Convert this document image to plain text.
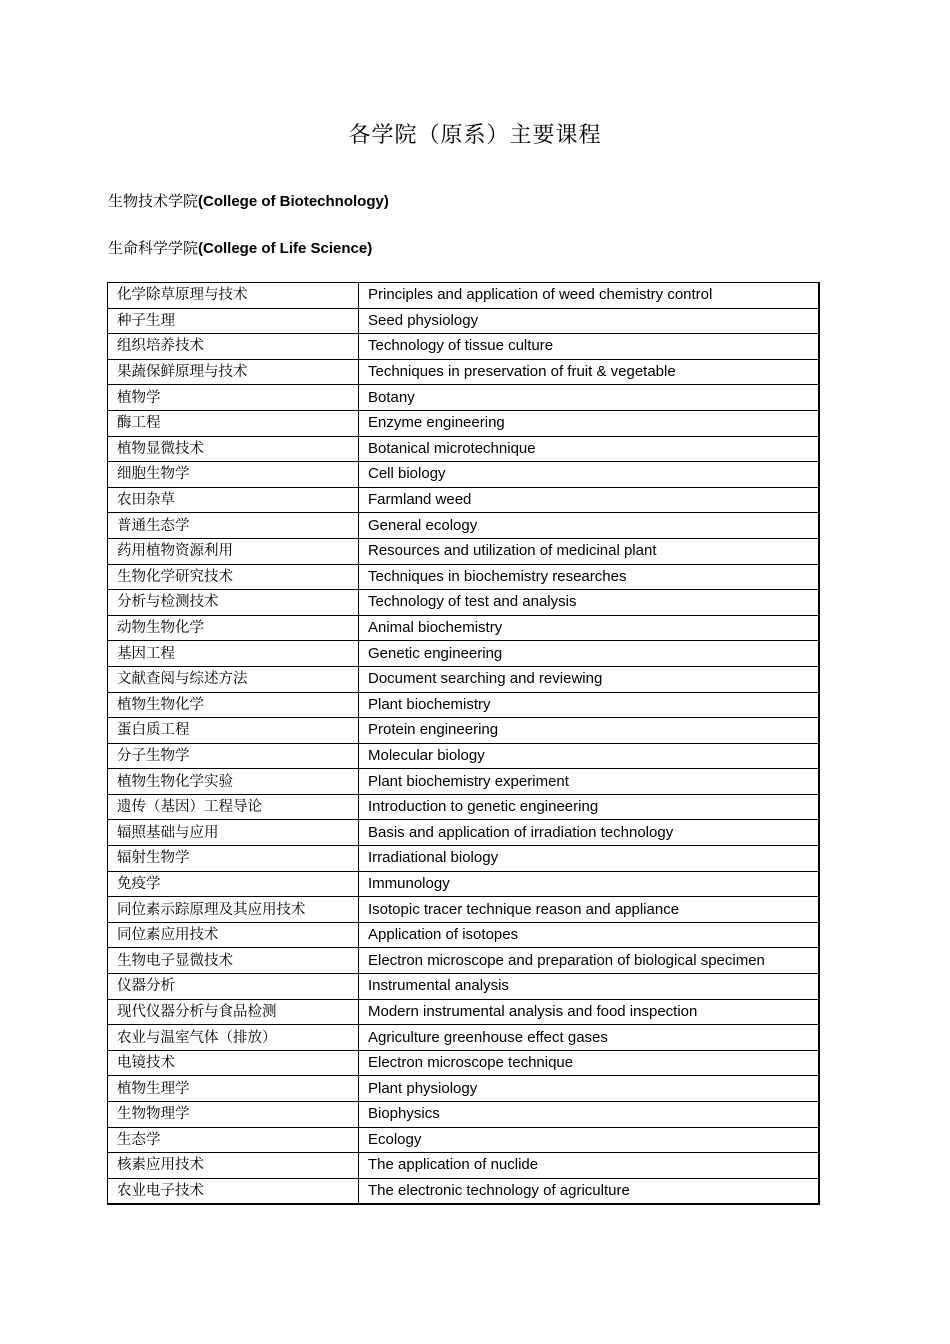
各学院（原系）主要课程
生物技术学院(College of Biotechnology)
生命科学学院(College of Life Science)
化学除草原理与技术	Principles and application of weed chemistry control
种子生理	Seed physiology
组织培养技术	Technology of tissue culture
果蔬保鲜原理与技术	Techniques in preservation of fruit & vegetable
植物学	Botany
酶工程	Enzyme engineering
植物显微技术	Botanical microtechnique
细胞生物学	Cell biology
农田杂草	Farmland weed
普通生态学	General ecology
药用植物资源利用	Resources and utilization of medicinal plant
生物化学研究技术	Techniques in biochemistry researches
分析与检测技术	Technology of test and analysis
动物生物化学	Animal biochemistry
基因工程	Genetic engineering
文献查阅与综述方法	Document searching and reviewing
植物生物化学	Plant biochemistry
蛋白质工程	Protein engineering
分子生物学	Molecular biology
植物生物化学实验	Plant biochemistry experiment
遗传（基因）工程导论	Introduction to genetic engineering
辐照基础与应用	Basis and application of irradiation technology
辐射生物学	Irradiational biology
免疫学	Immunology
同位素示踪原理及其应用技术	Isotopic tracer technique reason and appliance
同位素应用技术	Application of isotopes
生物电子显微技术	Electron microscope and preparation of biological specimen
仪器分析	Instrumental analysis
现代仪器分析与食品检测	Modern instrumental analysis and food inspection
农业与温室气体（排放）	Agriculture greenhouse effect gases
电镜技术	Electron microscope technique
植物生理学	Plant physiology
生物物理学	Biophysics
生态学	Ecology
核素应用技术	The application of nuclide
农业电子技术	The electronic technology of agriculture
